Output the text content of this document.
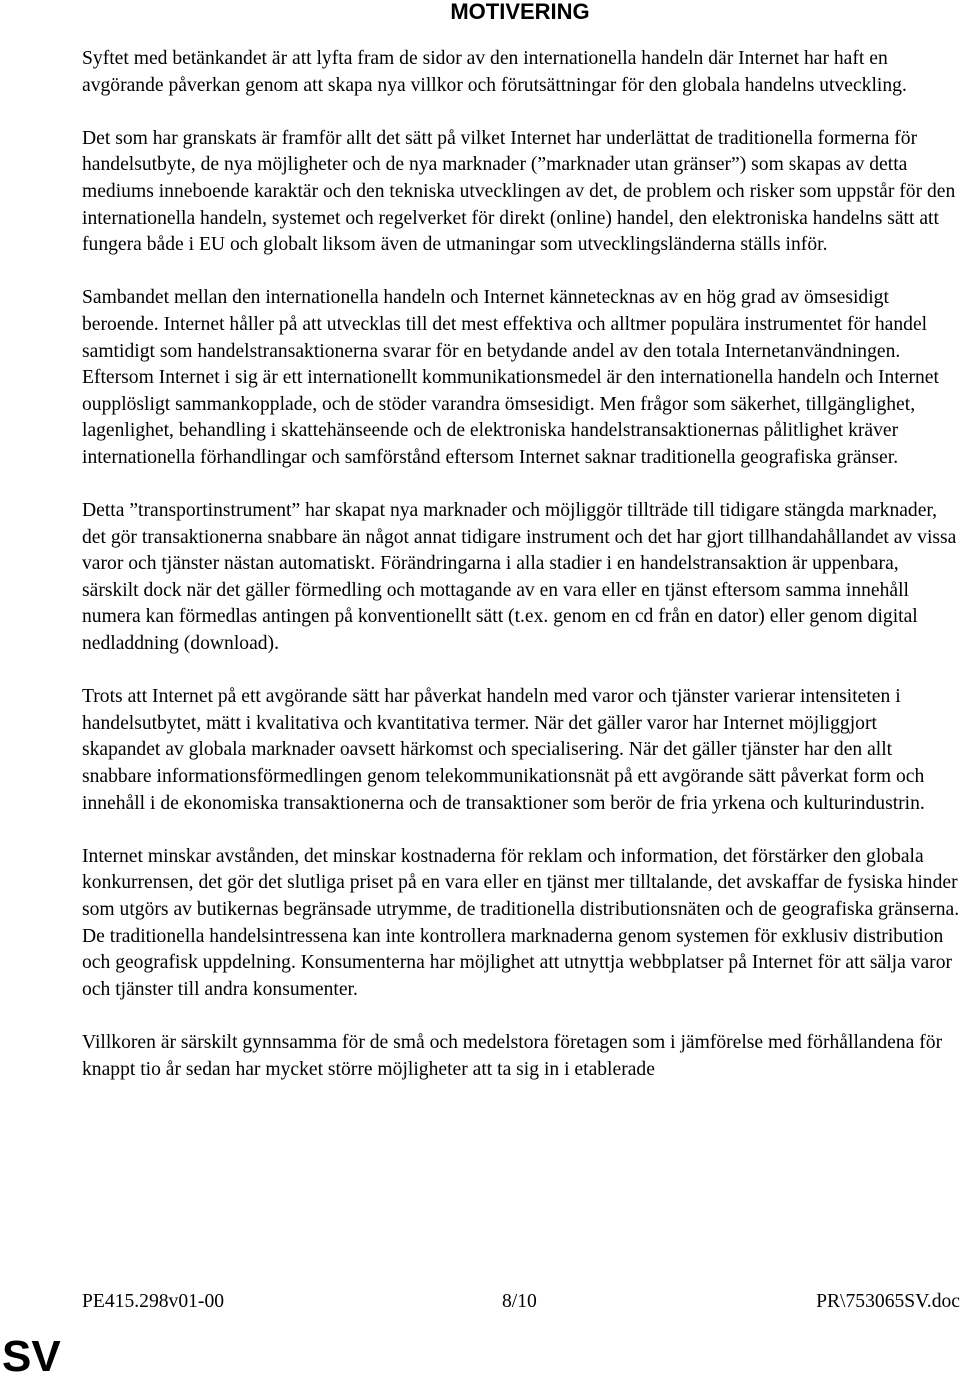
MOTIVERING

Syftet med betänkandet är att lyfta fram de sidor av den internationella handeln där Internet har haft en avgörande påverkan genom att skapa nya villkor och förutsättningar för den globala handelns utveckling.

Det som har granskats är framför allt det sätt på vilket Internet har underlättat de traditionella formerna för handelsutbyte, de nya möjligheter och de nya marknader (”marknader utan gränser”) som skapas av detta mediums inneboende karaktär och den tekniska utvecklingen av det, de problem och risker som uppstår för den internationella handeln, systemet och regelverket för direkt (online) handel, den elektroniska handelns sätt att fungera både i EU och globalt liksom även de utmaningar som utvecklingsländerna ställs inför.

Sambandet mellan den internationella handeln och Internet kännetecknas av en hög grad av ömsesidigt beroende. Internet håller på att utvecklas till det mest effektiva och alltmer populära instrumentet för handel samtidigt som handelstransaktionerna svarar för en betydande andel av den totala Internetanvändningen. Eftersom Internet i sig är ett internationellt kommunikationsmedel är den internationella handeln och Internet oupplösligt sammankopplade, och de stöder varandra ömsesidigt. Men frågor som säkerhet, tillgänglighet, lagenlighet, behandling i skattehänseende och de elektroniska handelstransaktionernas pålitlighet kräver internationella förhandlingar och samförstånd eftersom Internet saknar traditionella geografiska gränser.

Detta ”transportinstrument” har skapat nya marknader och möjliggör tillträde till tidigare stängda marknader, det gör transaktionerna snabbare än något annat tidigare instrument och det har gjort tillhandahållandet av vissa varor och tjänster nästan automatiskt. Förändringarna i alla stadier i en handelstransaktion är uppenbara, särskilt dock när det gäller förmedling och mottagande av en vara eller en tjänst eftersom samma innehåll numera kan förmedlas antingen på konventionellt sätt (t.ex. genom en cd från en dator) eller genom digital nedladdning (download).

Trots att Internet på ett avgörande sätt har påverkat handeln med varor och tjänster varierar intensiteten i handelsutbytet, mätt i kvalitativa och kvantitativa termer. När det gäller varor har Internet möjliggjort skapandet av globala marknader oavsett härkomst och specialisering. När det gäller tjänster har den allt snabbare informationsförmedlingen genom telekommunikationsnät på ett avgörande sätt påverkat form och innehåll i de ekonomiska transaktionerna och de transaktioner som berör de fria yrkena och kulturindustrin.

Internet minskar avstånden, det minskar kostnaderna för reklam och information, det förstärker den globala konkurrensen, det gör det slutliga priset på en vara eller en tjänst mer tilltalande, det avskaffar de fysiska hinder som utgörs av butikernas begränsade utrymme, de traditionella distributionsnäten och de geografiska gränserna. De traditionella handelsintressena kan inte kontrollera marknaderna genom systemen för exklusiv distribution och geografisk uppdelning. Konsumenterna har möjlighet att utnyttja webbplatser på Internet för att sälja varor och tjänster till andra konsumenter.

Villkoren är särskilt gynnsamma för de små och medelstora företagen som i jämförelse med förhållandena för knappt tio år sedan har mycket större möjligheter att ta sig in i etablerade

PE415.298v01-00	8/10	PR\753065SV.doc
SV
